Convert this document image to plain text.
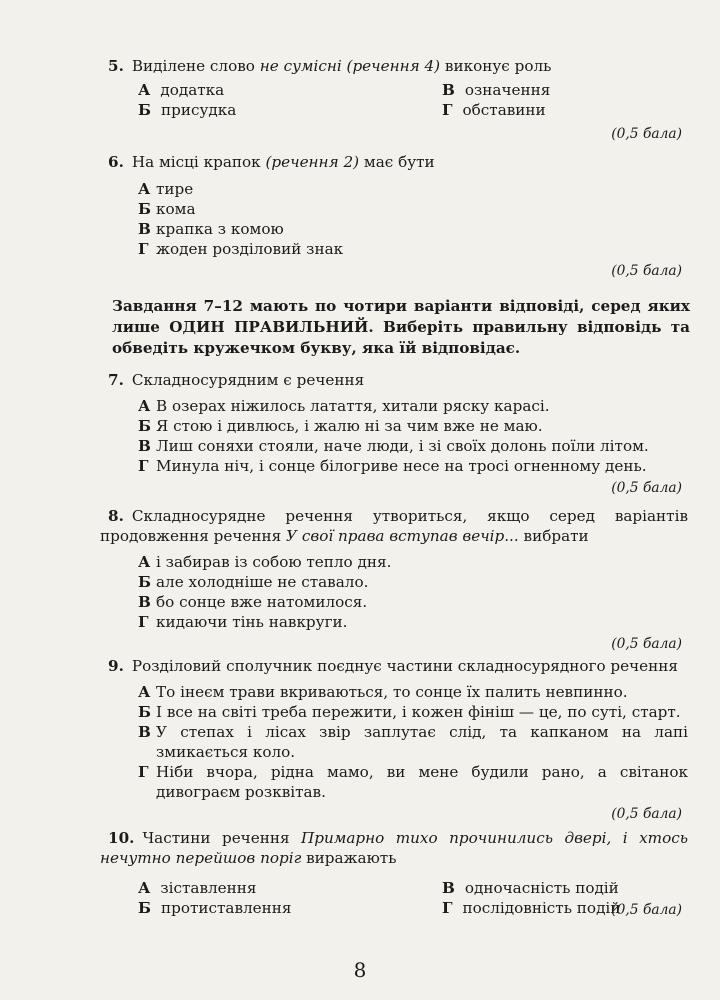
5. Виділене слово не сумісні (речення 4) виконує роль

А додатка
Б присудка
В означення
Г обставини
(0,5 бала)

6. На місці крапок (речення 2) має бути

А тире

Б кома

В крапка з комою

Г жоден розділовий знак

(0,5 бала)
Завдання 7–12 мають по чотири варіанти відповіді, серед яких лише ОДИН ПРАВИЛЬНИЙ. Виберіть правильну відповідь та обведіть кружечком букву, яка їй відповідає.

7. Складносурядним є речення

А В озерах ніжилось латаття, хитали ряску карасі.

Б Я стою і дивлюсь, і жалю ні за чим вже не маю.

В Лиш соняхи стояли, наче люди, і зі своїх долонь поїли літом.

Г Минула ніч, і сонце білогриве несе на тросі огненному день.

(0,5 бала)

8. Складносурядне речення утвориться, якщо серед варіантів продовження речення У свої права вступав вечір... вибрати

А і забирав із собою тепло дня.

Б але холодніше не ставало.

В бо сонце вже натомилося.

Г кидаючи тінь навкруги.

(0,5 бала)

9. Розділовий сполучник поєднує частини складносурядного речення

А То інеєм трави вкриваються, то сонце їх палить невпинно.

Б І все на світі треба пережити, і кожен фініш — це, по суті, старт.

В У степах і лісах звір заплутає слід, та капканом на лапі змикається коло.

Г Ніби вчора, рідна мамо, ви мене будили рано, а світанок дивограєм розквітав.

(0,5 бала)

10. Частини речення Примарно тихо прочинились двері, і хтось нечутно перейшов поріг виражають

А зіставлення
Б протиставлення
В одночасність подій
Г послідовність подій
(0,5 бала)
8
